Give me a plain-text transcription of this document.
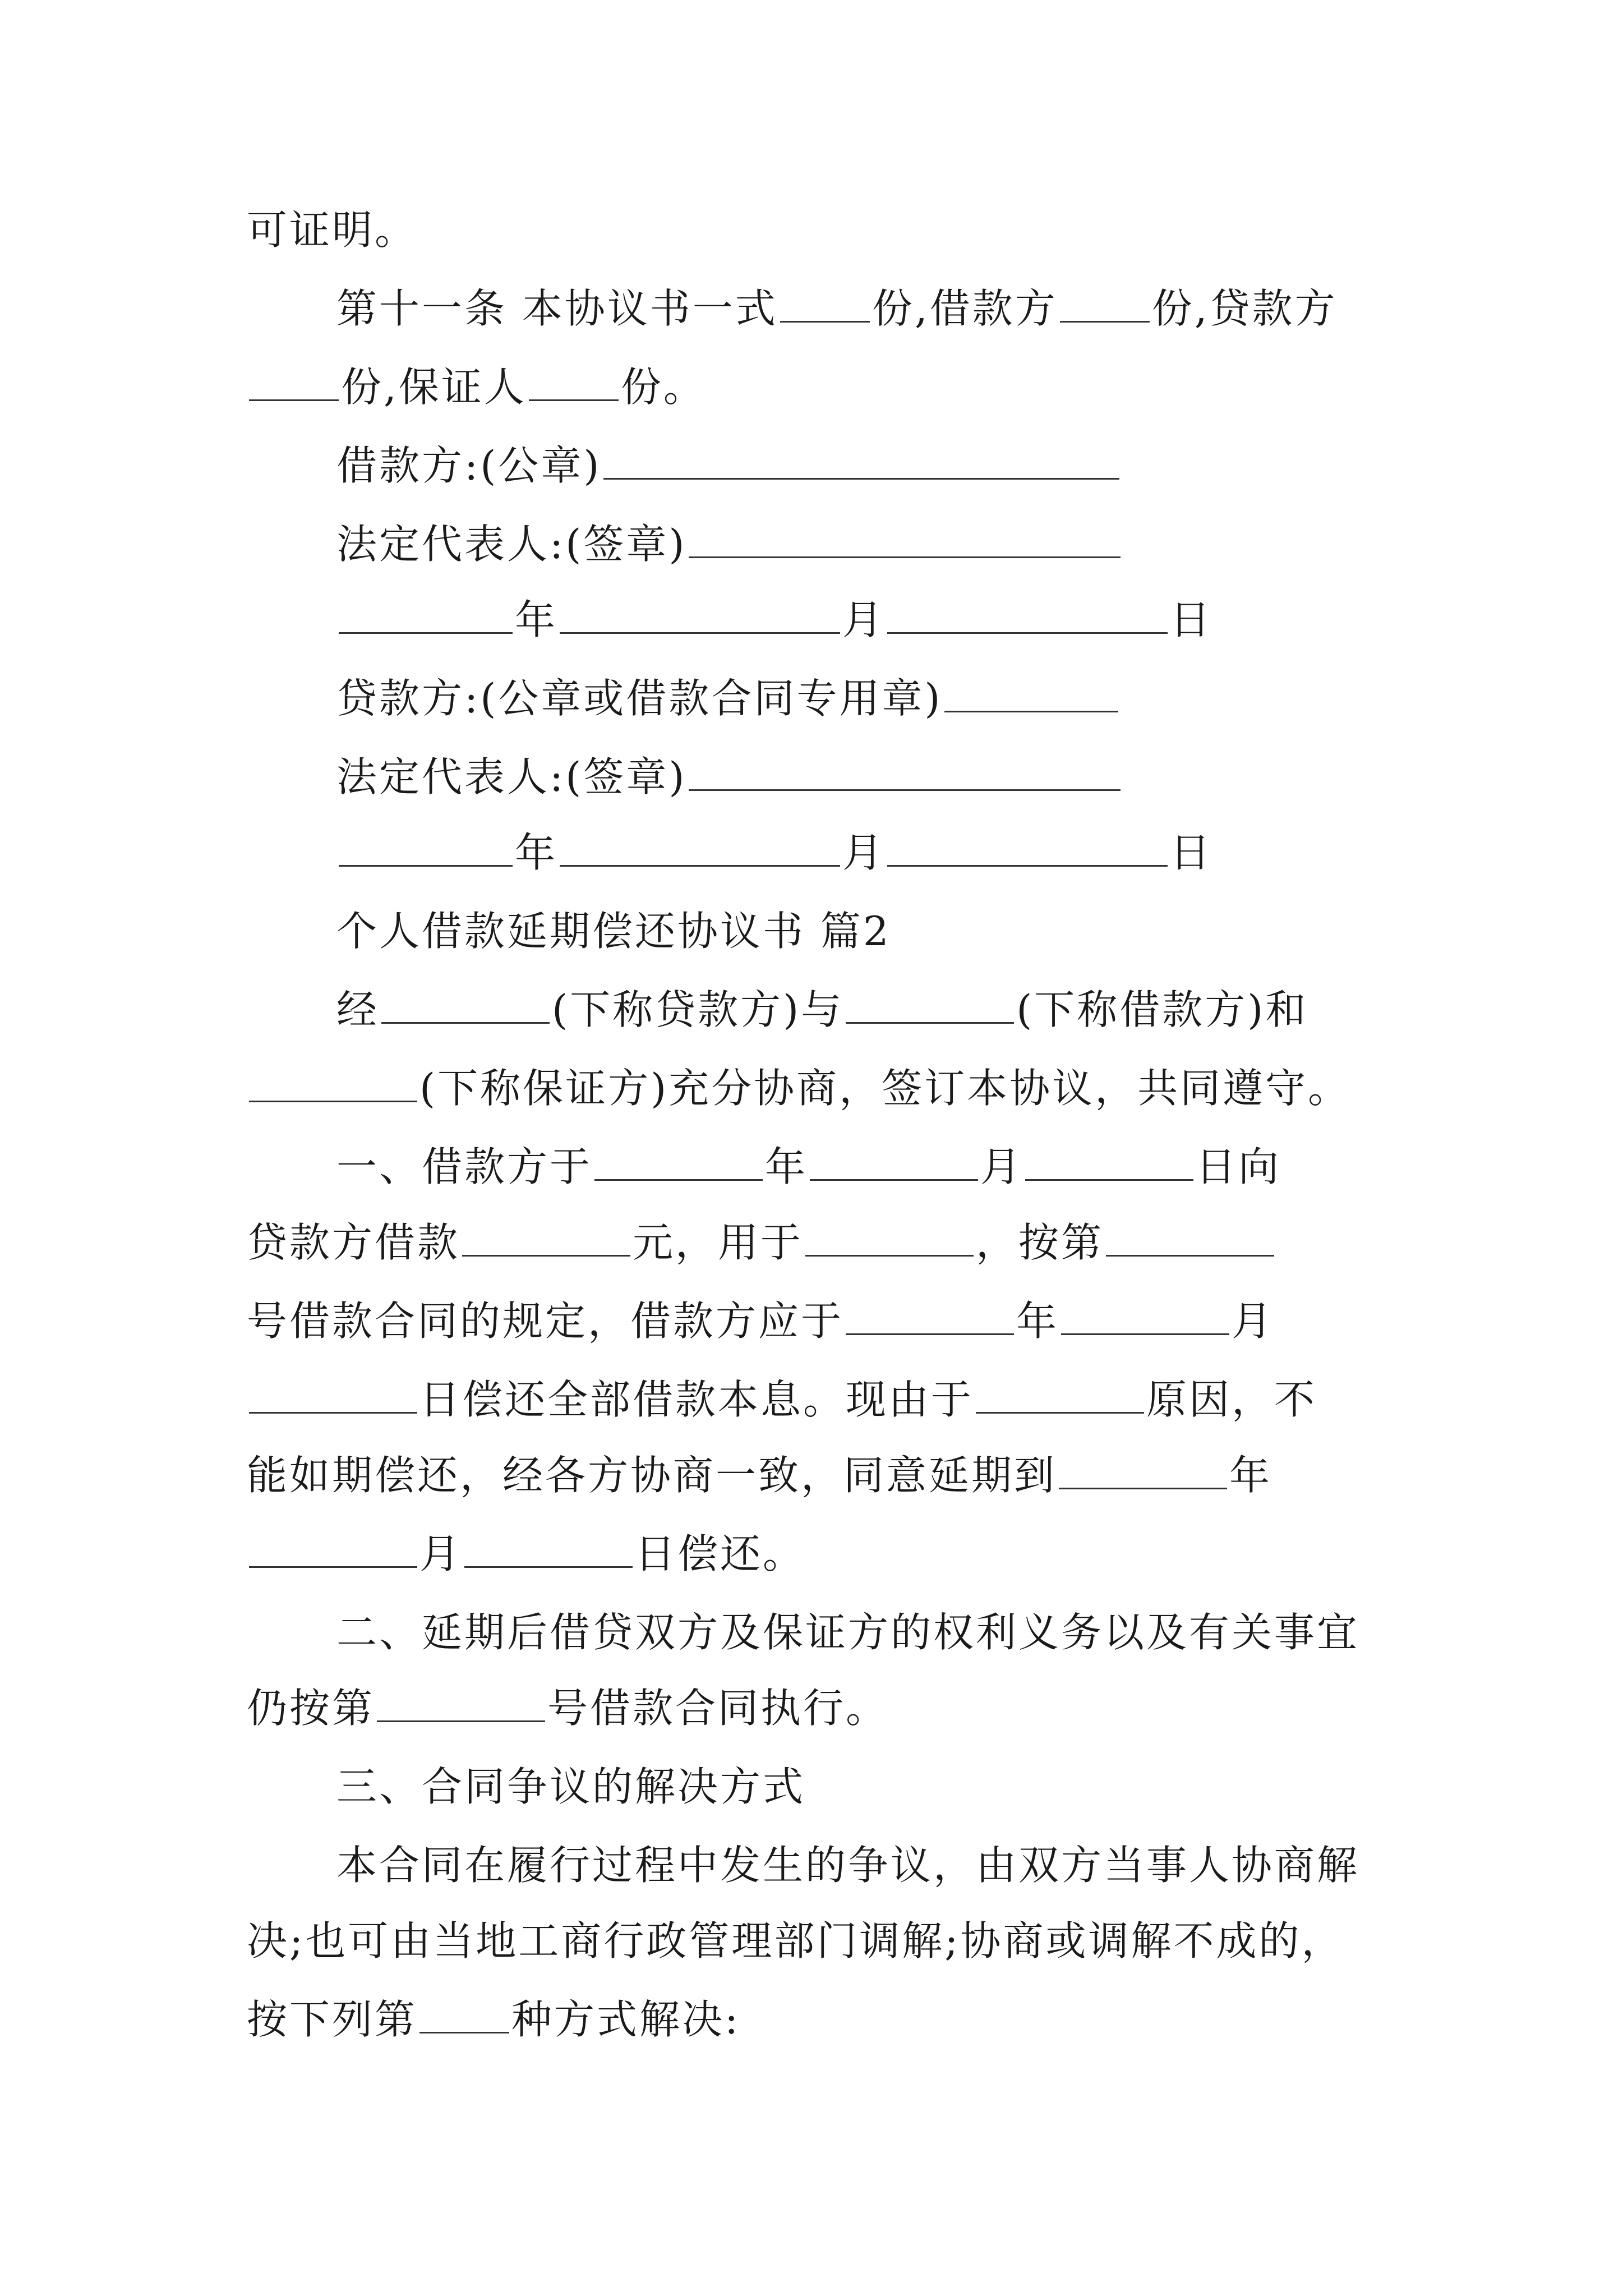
可证明。
第十一条 本协议书一式 份,借款方 份,贷款方
份,保证人 份。
借款方:(公章)
法定代表人:(签章)
年	月	日
贷款方:(公章或借款合同专用章)
法定代表人:(签章)
年	月	日
个人借款延期偿还协议书 篇2
经	(下称贷款方)与	(下称借款方)和
(下称保证方)充分协商，签订本协议，共同遵守。
一、借款方于	年	月	日向
贷款方借款	元，用于	，按第
号借款合同的规定，借款方应于	年	月
日偿还全部借款本息。现由于	原因，不
能如期偿还，经各方协商一致，同意延期到	年
月	日偿还。
二、延期后借贷双方及保证方的权利义务以及有关事宜
仍按第	号借款合同执行。
三、合同争议的解决方式
本合同在履行过程中发生的争议，由双方当事人协商解
决;也可由当地工商行政管理部门调解;协商或调解不成的，
按下列第 种方式解决:
